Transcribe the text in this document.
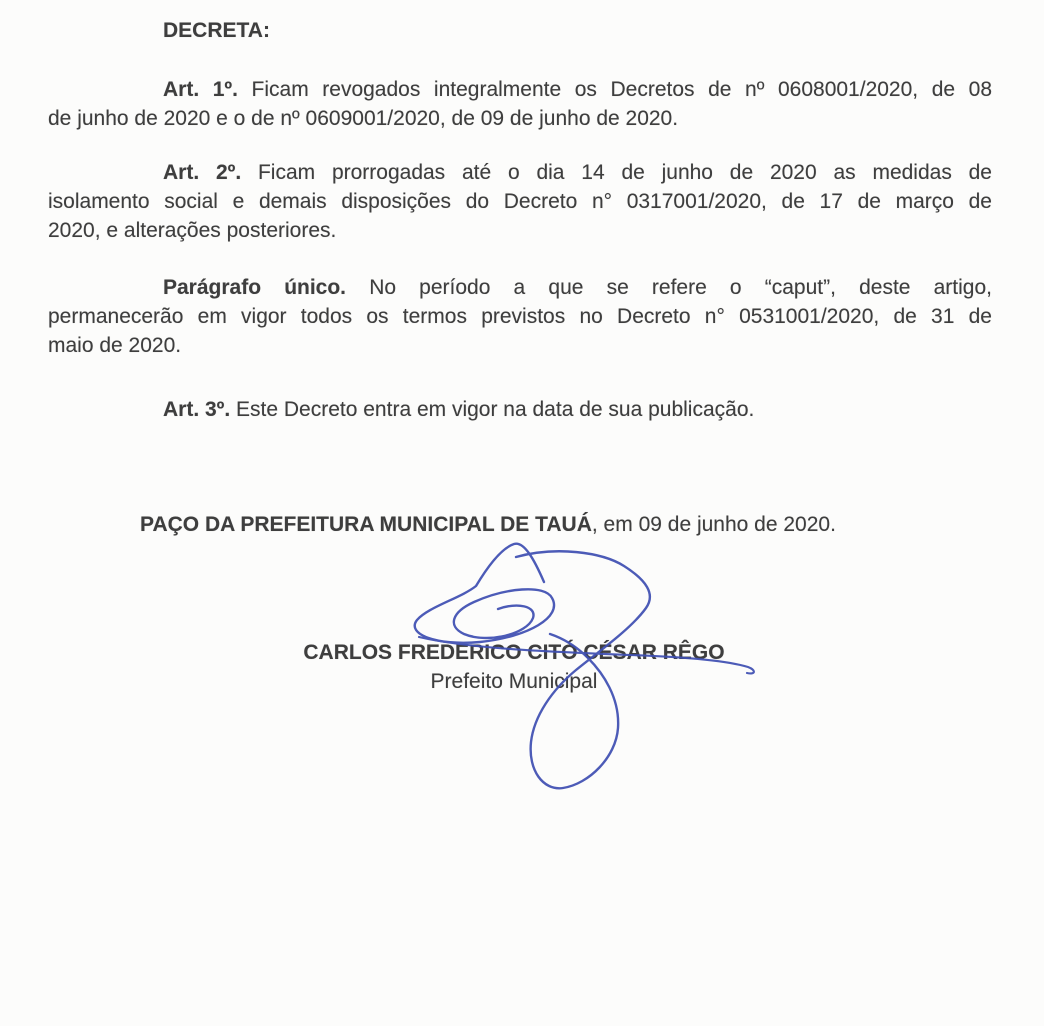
DECRETA:
Art. 1º. Ficam revogados integralmente os Decretos de nº 0608001/2020, de 08
de junho de 2020 e o de nº 0609001/2020, de 09 de junho de 2020.
Art. 2º. Ficam prorrogadas até o dia 14 de junho de 2020 as medidas de
isolamento social e demais disposições do Decreto n° 0317001/2020, de 17 de março de
2020, e alterações posteriores.
Parágrafo único. No período a que se refere o “caput”, deste artigo,
permanecerão em vigor todos os termos previstos no Decreto n° 0531001/2020, de 31 de
maio de 2020.
Art. 3º. Este Decreto entra em vigor na data de sua publicação.
PAÇO DA PREFEITURA MUNICIPAL DE TAUÁ, em 09 de junho de 2020.
CARLOS FREDERICO CITÓ CÉSAR RÊGO
Prefeito Municipal
